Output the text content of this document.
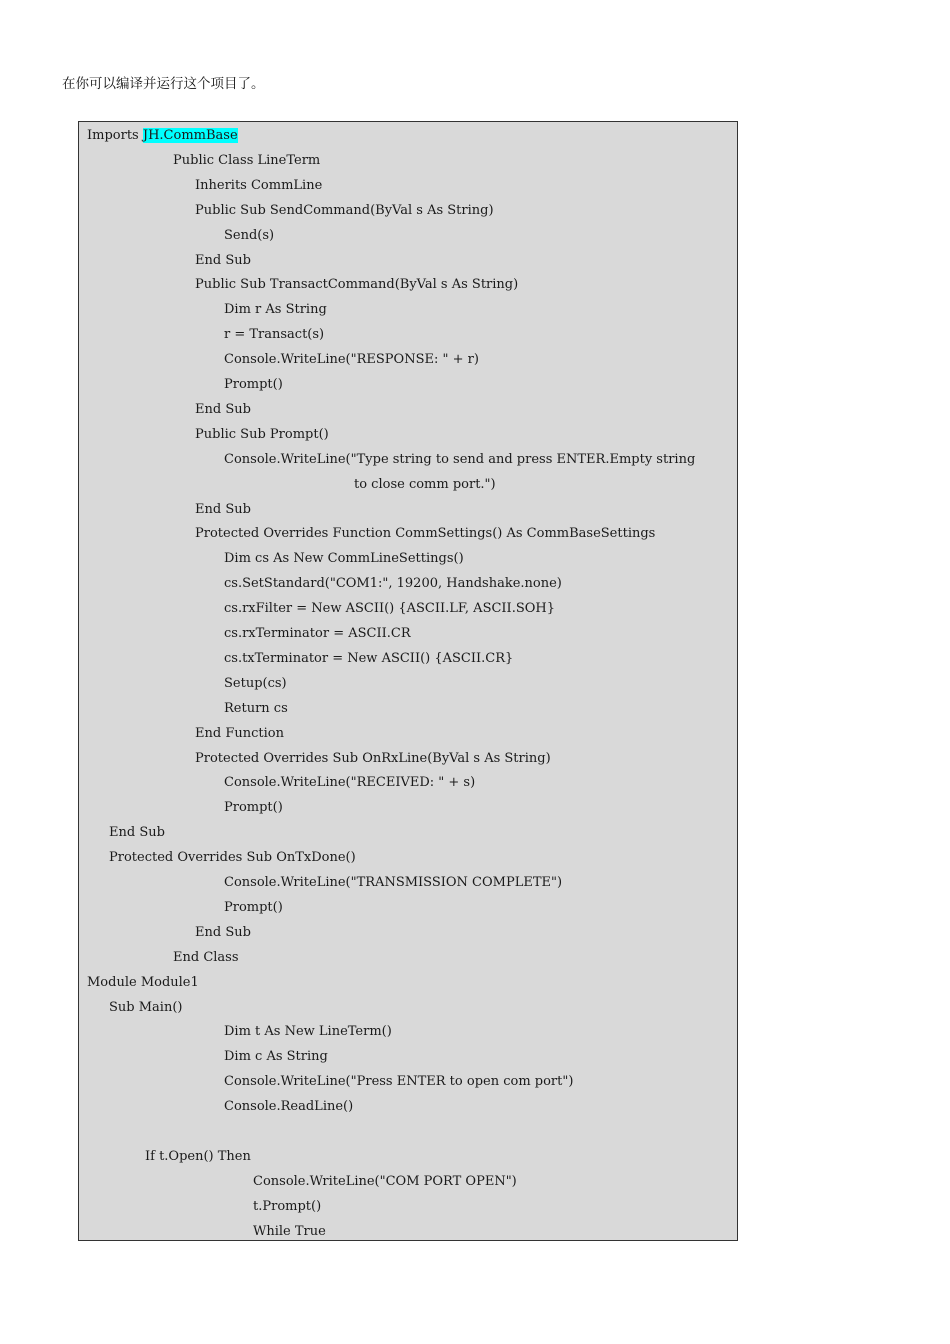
在你可以编译并运行这个项目了。
Imports JH.CommBase
Public Class LineTerm
Inherits CommLine
Public Sub SendCommand(ByVal s As String)
Send(s)
End Sub
Public Sub TransactCommand(ByVal s As String)
Dim r As String
r = Transact(s)
Console.WriteLine("RESPONSE: " + r)
Prompt()
End Sub
Public Sub Prompt()
Console.WriteLine("Type string to send and press ENTER.Empty string
to close comm port.")
End Sub
Protected Overrides Function CommSettings() As CommBaseSettings
Dim cs As New CommLineSettings()
cs.SetStandard("COM1:", 19200, Handshake.none)
cs.rxFilter = New ASCII() {ASCII.LF, ASCII.SOH}
cs.rxTerminator = ASCII.CR
cs.txTerminator = New ASCII() {ASCII.CR}
Setup(cs)
Return cs
End Function
Protected Overrides Sub OnRxLine(ByVal s As String)
Console.WriteLine("RECEIVED: " + s)
Prompt()
End Sub
Protected Overrides Sub OnTxDone()
Console.WriteLine("TRANSMISSION COMPLETE")
Prompt()
End Sub
End Class
Module Module1
Sub Main()
Dim t As New LineTerm()
Dim c As String
Console.WriteLine("Press ENTER to open com port")
Console.ReadLine()
If t.Open() Then
Console.WriteLine("COM PORT OPEN")
t.Prompt()
While True
